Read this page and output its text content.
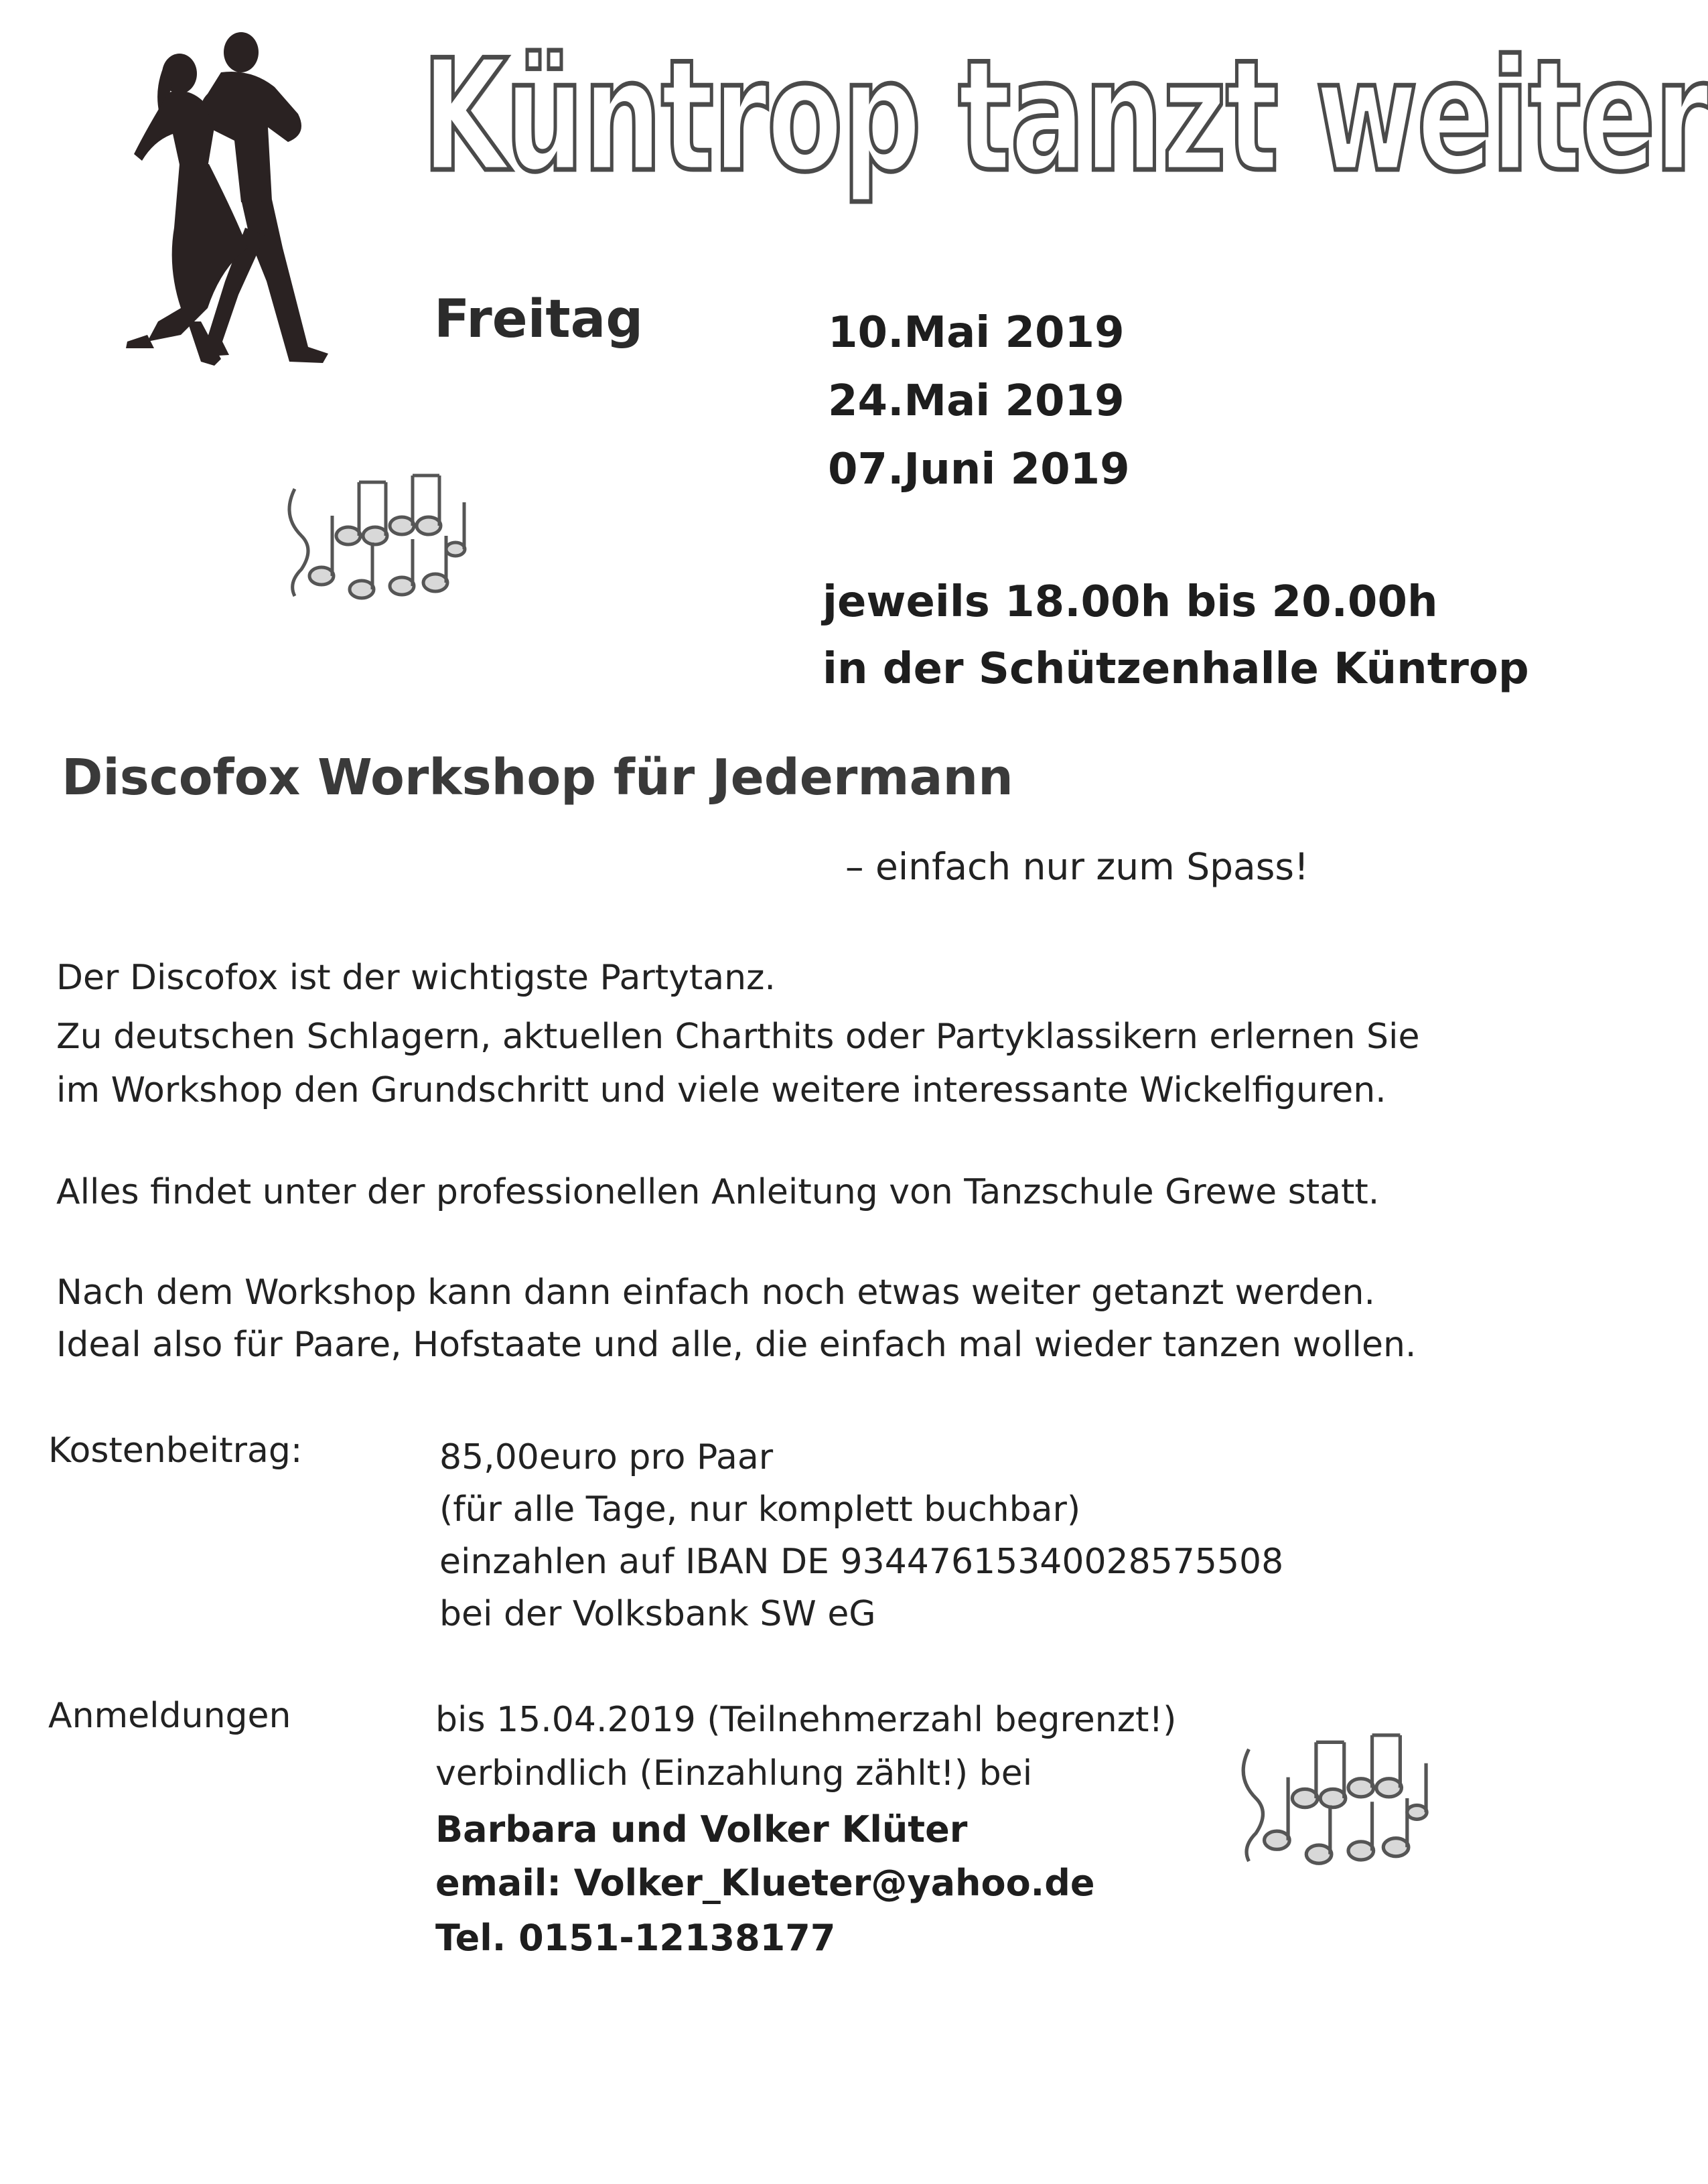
Küntrop tanzt weiter
Freitag	10.Mai 2019
24.Mai 2019
07.Juni 2019
jeweils 18.00h bis 20.00h
in der Schützenhalle Küntrop
Discofox Workshop für Jedermann
– einfach nur zum Spass!
Der Discofox ist der wichtigste Partytanz.
Zu deutschen Schlagern, aktuellen Charthits oder Partyklassikern erlernen Sie
im Workshop den Grundschritt und viele weitere interessante Wickelfiguren.
Alles findet unter der professionellen Anleitung von Tanzschule Grewe statt.
Nach dem Workshop kann dann einfach noch etwas weiter getanzt werden.
Ideal also für Paare, Hofstaate und alle, die einfach mal wieder tanzen wollen.
Kostenbeitrag:	85,00euro pro Paar
(für alle Tage, nur komplett buchbar)
einzahlen auf IBAN DE 93447615340028575508
bei der Volksbank SW eG
Anmeldungen	bis 15.04.2019 (Teilnehmerzahl begrenzt!)
verbindlich (Einzahlung zählt!) bei
Barbara und Volker Klüter
email: Volker_Klueter@yahoo.de
Tel. 0151-12138177
